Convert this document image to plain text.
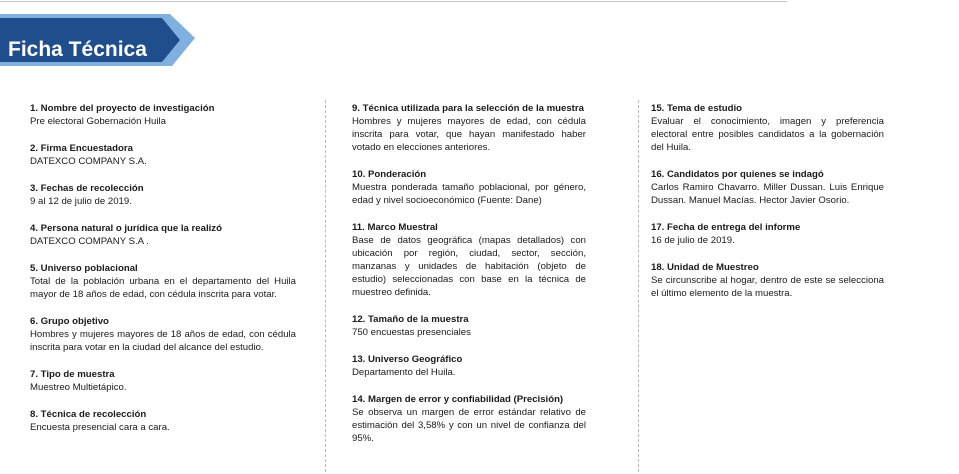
Ficha Técnica
1. Nombre del proyecto de investigación
Pre electoral Gobernación Huila
2. Firma Encuestadora
DATEXCO COMPANY S.A.
3. Fechas de recolección
9 al 12 de julio de 2019.
4. Persona natural o jurídica que la realizó
DATEXCO COMPANY S.A .
5. Universo poblacional
Total de la población urbana en el departamento del Huila mayor de 18 años de edad, con cédula inscrita para votar.
6. Grupo objetivo
Hombres y mujeres mayores de 18 años de edad, con cédula inscrita para votar en la ciudad del alcance del estudio.
7. Tipo de muestra
Muestreo Multietápico.
8. Técnica de recolección
Encuesta presencial cara a cara.
9. Técnica utilizada para la selección de la muestra
Hombres y mujeres mayores de edad, con cédula inscrita para votar, que hayan manifestado haber votado en elecciones anteriores.
10. Ponderación
Muestra ponderada tamaño poblacional, por género, edad y nivel socioeconómico (Fuente: Dane)
11. Marco Muestral
Base de datos geográfica (mapas detallados) con ubicación por región, ciudad, sector, sección, manzanas y unidades de habitación (objeto de estudio) seleccionadas con base en la técnica de muestreo definida.
12. Tamaño de la muestra
750 encuestas presenciales
13. Universo Geográfico
Departamento del Huila.
14. Margen de error y confiabilidad (Precisión)
Se observa un margen de error estándar relativo de estimación del 3,58% y con un nivel de confianza del 95%.
15. Tema de estudio
Evaluar el conocimiento, imagen y preferencia electoral entre posibles candidatos a la gobernación del Huila.
16. Candidatos por quienes se indagó
Carlos Ramiro Chavarro. Miller Dussan. Luis Enrique Dussan. Manuel Macías. Hector Javier Osorio.
17. Fecha de entrega del informe
16 de julio de 2019.
18. Unidad de Muestreo
Se circunscribe al hogar, dentro de este se selecciona el último elemento de la muestra.
